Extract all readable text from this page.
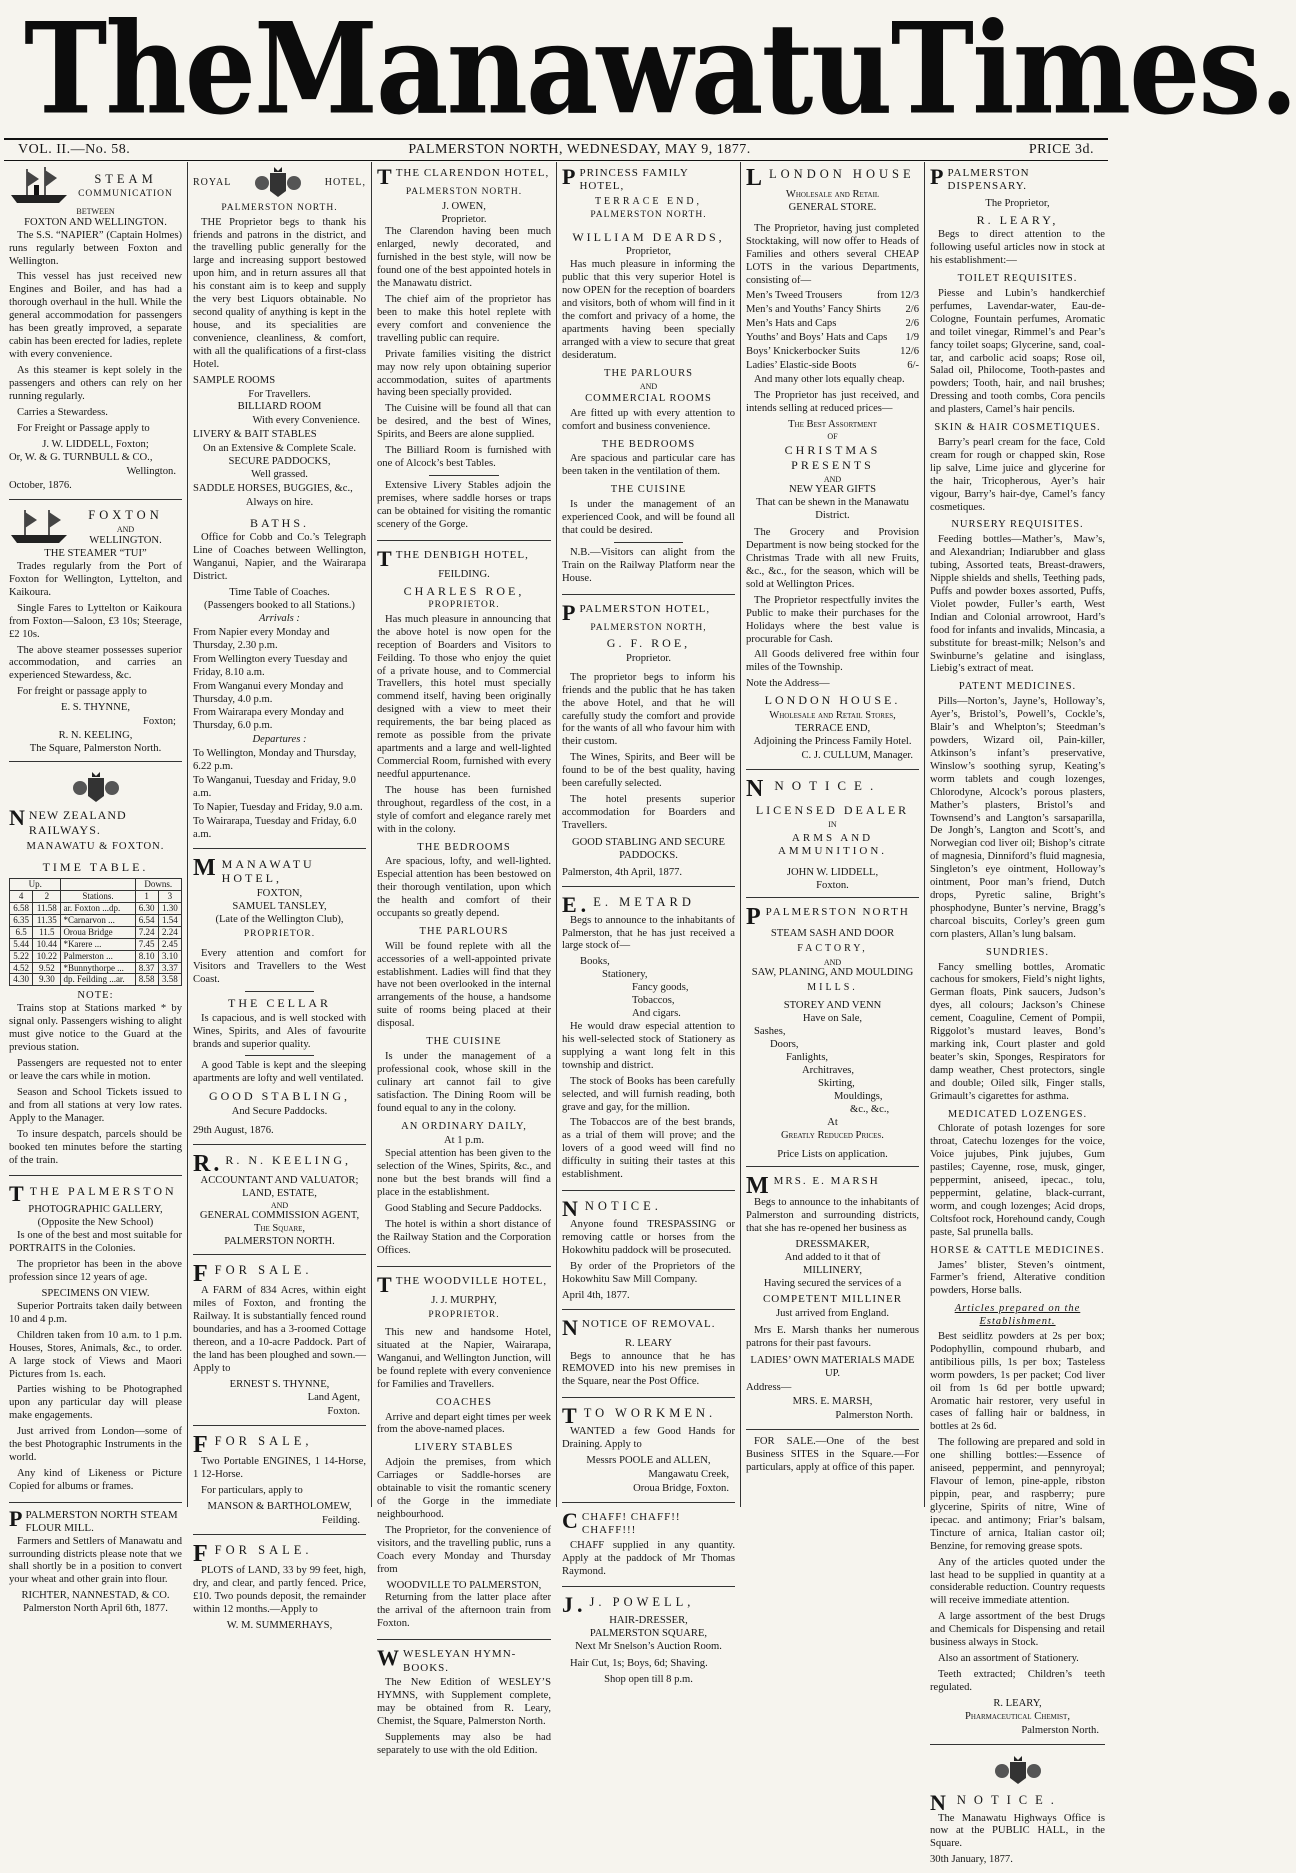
The Manawatu Times.
VOL. II.—No. 58.	PALMERSTON NORTH, WEDNESDAY, MAY 9, 1877.	PRICE 3d.
STEAM
COMMUNICATION
BETWEEN
FOXTON AND WELLINGTON.

The S.S. “NAPIER” (Captain Holmes) runs regularly between Foxton and Wellington.

This vessel has just received new Engines and Boiler, and has had a thorough overhaul in the hull. While the general accommodation for passengers has been greatly improved, a separate cabin has been erected for ladies, replete with every convenience.

As this steamer is kept solely in the passengers and others can rely on her running regularly.

Carries a Stewardess.

For Freight or Passage apply to

J. W. LIDDELL, Foxton;
Or, W. & G. TURNBULL & CO.,
Wellington.
October, 1876.
FOXTON
AND
WELLINGTON.
THE STEAMER “TUI”

Trades regularly from the Port of Foxton for Wellington, Lyttelton, and Kaikoura.

Single Fares to Lyttelton or Kaikoura from Foxton—Saloon, £3 10s; Steerage, £2 10s.

The above steamer possesses superior accommodation, and carries an experienced Stewardess, &c.

For freight or passage apply to

E. S. THYNNE,
Foxton;
R. N. KEELING,
The Square, Palmerston North.
NNEW ZEALAND RAILWAYS.
MANAWATU & FOXTON.
TIME TABLE.
Up.			Downs.	
4	2	Stations.	1	3
6.58	11.58	ar. Foxton ...dp.	6.30	1.30
6.35	11.35	*Carnarvon ...	6.54	1.54
6.5	11.5	Oroua Bridge	7.24	2.24
5.44	10.44	*Karere ...	7.45	2.45
5.22	10.22	Palmerston ...	8.10	3.10
4.52	9.52	*Bunnythorpe ...	8.37	3.37
4.30	9.30	dp. Feilding ...ar.	8.58	3.58
NOTE:

Trains stop at Stations marked * by signal only. Passengers wishing to alight must give notice to the Guard at the previous station.

Passengers are requested not to enter or leave the cars while in motion.

Season and School Tickets issued to and from all stations at very low rates. Apply to the Manager.

To insure despatch, parcels should be booked ten minutes before the starting of the train.

TTHE PALMERSTON
PHOTOGRAPHIC GALLERY,
(Opposite the New School)

Is one of the best and most suitable for PORTRAITS in the Colonies.

The proprietor has been in the above profession since 12 years of age.

SPECIMENS ON VIEW.

Superior Portraits taken daily between 10 and 4 p.m.

Children taken from 10 a.m. to 1 p.m. Houses, Stores, Animals, &c., to order. A large stock of Views and Maori Pictures from 1s. each.

Parties wishing to be Photographed upon any particular day will please make engagements.

Just arrived from London—some of the best Photographic Instruments in the world.

Any kind of Likeness or Picture Copied for albums or frames.

PPALMERSTON NORTH STEAM FLOUR MILL.

Farmers and Settlers of Manawatu and surrounding districts please note that we shall shortly be in a position to convert your wheat and other grain into flour.

RICHTER, NANNESTAD, & CO.
Palmerston North April 6th, 1877.
ROYAL	HOTEL,
PALMERSTON NORTH.

THE Proprietor begs to thank his friends and patrons in the district, and the travelling public generally for the large and increasing support bestowed upon him, and in return assures all that his constant aim is to keep and supply the very best Liquors obtainable. No second quality of anything is kept in the house, and its specialities are convenience, cleanliness, & comfort, with all the qualifications of a first-class Hotel.

SAMPLE ROOMS
For Travellers.
BILLIARD ROOM
With every Convenience.
LIVERY & BAIT STABLES
On an Extensive & Complete Scale.
SECURE PADDOCKS,
Well grassed.
SADDLE HORSES, BUGGIES, &c.,
Always on hire.
BATHS.

Office for Cobb and Co.’s Telegraph Line of Coaches between Wellington, Wanganui, Napier, and the Wairarapa District.

Time Table of Coaches.
(Passengers booked to all Stations.)
Arrivals :
From Napier every Monday and Thursday, 2.30 p.m.
From Wellington every Tuesday and Friday, 8.10 a.m.
From Wanganui every Monday and Thursday, 4.0 p.m.
From Wairarapa every Monday and Thursday, 6.0 p.m.
Departures :
To Wellington, Monday and Thursday, 6.22 p.m.
To Wanganui, Tuesday and Friday, 9.0 a.m.
To Napier, Tuesday and Friday, 9.0 a.m.
To Wairarapa, Tuesday and Friday, 6.0 a.m.
MMANAWATU HOTEL,
FOXTON,
SAMUEL TANSLEY,
(Late of the Wellington Club),
PROPRIETOR.

Every attention and comfort for Visitors and Travellers to the West Coast.

THE CELLAR

Is capacious, and is well stocked with Wines, Spirits, and Ales of favourite brands and superior quality.

A good Table is kept and the sleeping apartments are lofty and well ventilated.

GOOD STABLING,
And Secure Paddocks.
29th August, 1876.
R. R. N. KEELING,
ACCOUNTANT AND VALUATOR;
LAND, ESTATE,
AND
GENERAL COMMISSION AGENT,
The Square,
PALMERSTON NORTH.
FFOR SALE.

A FARM of 834 Acres, within eight miles of Foxton, and fronting the Railway. It is substantially fenced round boundaries, and has a 3-roomed Cottage thereon, and a 10-acre Paddock. Part of the land has been ploughed and sown.—Apply to

ERNEST S. THYNNE,
Land Agent,
Foxton.
FFOR SALE,

Two Portable ENGINES, 1 14-Horse, 1 12-Horse.

For particulars, apply to

MANSON & BARTHOLOMEW,
Feilding.
FFOR SALE.

PLOTS of LAND, 33 by 99 feet, high, dry, and clear, and partly fenced. Price, £10. Two pounds deposit, the remainder within 12 months.—Apply to

W. M. SUMMERHAYS,
TTHE CLARENDON HOTEL,
PALMERSTON NORTH.
J. OWEN,
Proprietor.

The Clarendon having been much enlarged, newly decorated, and furnished in the best style, will now be found one of the best appointed hotels in the Manawatu district.

The chief aim of the proprietor has been to make this hotel replete with every comfort and convenience the travelling public can require.

Private families visiting the district may now rely upon obtaining superior accommodation, suites of apartments having been specially provided.

The Cuisine will be found all that can be desired, and the best of Wines, Spirits, and Beers are alone supplied.

The Billiard Room is furnished with one of Alcock’s best Tables.

Extensive Livery Stables adjoin the premises, where saddle horses or traps can be obtained for visiting the romantic scenery of the Gorge.

TTHE DENBIGH HOTEL,
FEILDING.
CHARLES ROE,
PROPRIETOR.

Has much pleasure in announcing that the above hotel is now open for the reception of Boarders and Visitors to Feilding. To those who enjoy the quiet of a private house, and to Commercial Travellers, this hotel must specially commend itself, having been originally designed with a view to meet their requirements, the bar being placed as remote as possible from the private apartments and a large and well-lighted Commercial Room, furnished with every needful appurtenance.

The house has been furnished throughout, regardless of the cost, in a style of comfort and elegance rarely met with in the colony.

THE BEDROOMS

Are spacious, lofty, and well-lighted. Especial attention has been bestowed on their thorough ventilation, upon which the health and comfort of their occupants so greatly depend.

THE PARLOURS

Will be found replete with all the accessories of a well-appointed private establishment. Ladies will find that they have not been overlooked in the internal arrangements of the house, a handsome suite of rooms being placed at their disposal.

THE CUISINE

Is under the management of a professional cook, whose skill in the culinary art cannot fail to give satisfaction. The Dining Room will be found equal to any in the colony.

AN ORDINARY DAILY,
At 1 p.m.

Special attention has been given to the selection of the Wines, Spirits, &c., and none but the best brands will find a place in the establishment.

Good Stabling and Secure Paddocks.

The hotel is within a short distance of the Railway Station and the Corporation Offices.

TTHE WOODVILLE HOTEL,
J. J. MURPHY,
PROPRIETOR.

This new and handsome Hotel, situated at the Napier, Wairarapa, Wanganui, and Wellington Junction, will be found replete with every convenience for Families and Travellers.

COACHES

Arrive and depart eight times per week from the above-named places.

LIVERY STABLES

Adjoin the premises, from which Carriages or Saddle-horses are obtainable to visit the romantic scenery of the Gorge in the immediate neighbourhood.

The Proprietor, for the convenience of visitors, and the travelling public, runs a Coach every Monday and Thursday from

WOODVILLE TO PALMERSTON,

Returning from the latter place after the arrival of the afternoon train from Foxton.

WWESLEYAN HYMN-BOOKS.

The New Edition of WESLEY’S HYMNS, with Supplement complete, may be obtained from R. Leary, Chemist, the Square, Palmerston North.

Supplements may also be had separately to use with the old Edition.

PPRINCESS FAMILY HOTEL,
TERRACE END,
PALMERSTON NORTH.
WILLIAM DEARDS,
Proprietor,

Has much pleasure in informing the public that this very superior Hotel is now OPEN for the reception of boarders and visitors, both of whom will find in it the comfort and privacy of a home, the apartments having been specially arranged with a view to secure that great desideratum.

THE PARLOURS
AND
COMMERCIAL ROOMS

Are fitted up with every attention to comfort and business convenience.

THE BEDROOMS

Are spacious and particular care has been taken in the ventilation of them.

THE CUISINE

Is under the management of an experienced Cook, and will be found all that could be desired.

N.B.—Visitors can alight from the Train on the Railway Platform near the House.

PPALMERSTON HOTEL,
PALMERSTON NORTH,
G. F. ROE,
Proprietor.

The proprietor begs to inform his friends and the public that he has taken the above Hotel, and that he will carefully study the comfort and provide for the wants of all who favour him with their custom.

The Wines, Spirits, and Beer will be found to be of the best quality, having been carefully selected.

The hotel presents superior accommodation for Boarders and Travellers.

GOOD STABLING AND SECURE
PADDOCKS.
Palmerston, 4th April, 1877.
E. E. METARD

Begs to announce to the inhabitants of Palmerston, that he has just received a large stock of—

Books,
Stationery,
Fancy goods,
Tobaccos,
And cigars.

He would draw especial attention to his well-selected stock of Stationery as supplying a want long felt in this township and district.

The stock of Books has been carefully selected, and will furnish reading, both grave and gay, for the million.

The Tobaccos are of the best brands, as a trial of them will prove; and the lovers of a good weed will find no difficulty in suiting their tastes at this establishment.

NNOTICE.

Anyone found TRESPASSING or removing cattle or horses from the Hokowhitu paddock will be prosecuted.

By order of the Proprietors of the Hokowhitu Saw Mill Company.

April 4th, 1877.
NNOTICE OF REMOVAL.
R. LEARY

Begs to announce that he has REMOVED into his new premises in the Square, near the Post Office.

TTO WORKMEN.

WANTED a few Good Hands for Draining. Apply to

Messrs POOLE and ALLEN,
Mangawatu Creek,
Oroua Bridge, Foxton.
CCHAFF! CHAFF!! CHAFF!!!

CHAFF supplied in any quantity. Apply at the paddock of Mr Thomas Raymond.

J. J. POWELL,
HAIR-DRESSER,
PALMERSTON SQUARE,
Next Mr Snelson’s Auction Room.

Hair Cut, 1s; Boys, 6d; Shaving.

Shop open till 8 p.m.
LLONDON HOUSE
Wholesale and Retail
GENERAL STORE.

The Proprietor, having just completed Stocktaking, will now offer to Heads of Families and others several CHEAP LOTS in the various Departments, consisting of—

Men’s Tweed Trousers	from 12/3
Men’s and Youths’ Fancy Shirts 2/6
Men’s Hats and Caps	2/6
Youths’ and Boys’ Hats and Caps 1/9
Boys’ Knickerbocker Suits	12/6
Ladies’ Elastic-side Boots	6/-

And many other lots equally cheap.

The Proprietor has just received, and intends selling at reduced prices—

The Best Assortment
OF
CHRISTMAS PRESENTS
AND
NEW YEAR GIFTS
That can be shewn in the Manawatu District.

The Grocery and Provision Department is now being stocked for the Christmas Trade with all new Fruits, &c., &c., for the season, which will be sold at Wellington Prices.

The Proprietor respectfully invites the Public to make their purchases for the Holidays where the best value is procurable for Cash.

All Goods delivered free within four miles of the Township.

Note the Address—
LONDON HOUSE.
Wholesale and Retail Stores,
TERRACE END,
Adjoining the Princess Family Hotel.
C. J. CULLUM, Manager.
NNOTICE.
LICENSED DEALER
IN
ARMS AND AMMUNITION.
JOHN W. LIDDELL,
Foxton.
PPALMERSTON NORTH
STEAM SASH AND DOOR
FACTORY,
AND
SAW, PLANING, AND MOULDING
MILLS.
STOREY AND VENN
Have on Sale,
Sashes,
Doors,
Fanlights,
Architraves,
Skirting,
Mouldings,
&c., &c.,
At
Greatly Reduced Prices.
Price Lists on application.
MMRS. E. MARSH

Begs to announce to the inhabitants of Palmerston and surrounding districts, that she has re-opened her business as

DRESSMAKER,
And added to it that of
MILLINERY,
Having secured the services of a
COMPETENT MILLINER
Just arrived from England.

Mrs E. Marsh thanks her numerous patrons for their past favours.

LADIES’ OWN MATERIALS MADE UP.
Address—
MRS. E. MARSH,
Palmerston North.

FOR SALE.—One of the best Business SITES in the Square.—For particulars, apply at office of this paper.

PPALMERSTON DISPENSARY.
The Proprietor,
R. LEARY,

Begs to direct attention to the following useful articles now in stock at his establishment:—

TOILET REQUISITES.

Piesse and Lubin’s handkerchief perfumes, Lavendar-water, Eau-de-Cologne, Fountain perfumes, Aromatic and toilet vinegar, Rimmel’s and Pear’s fancy toilet soaps; Glycerine, sand, coal-tar, and carbolic acid soaps; Rose oil, Salad oil, Philocome, Tooth-pastes and powders; Tooth, hair, and nail brushes; Dressing and tooth combs, Cora pencils and plasters, Camel’s hair pencils.

SKIN & HAIR COSMETIQUES.

Barry’s pearl cream for the face, Cold cream for rough or chapped skin, Rose lip salve, Lime juice and glycerine for the hair, Tricopherous, Ayer’s hair vigour, Barry’s hair-dye, Camel’s fancy cosmetiques.

NURSERY REQUISITES.

Feeding bottles—Mather’s, Maw’s, and Alexandrian; Indiarubber and glass tubing, Assorted teats, Breast-drawers, Nipple shields and shells, Teething pads, Puffs and powder boxes assorted, Puffs, Violet powder, Fuller’s earth, West Indian and Colonial arrowroot, Hard’s food for infants and invalids, Mincasia, a substitute for breast-milk; Nelson’s and Swinburne’s gelatine and isinglass, Liebig’s extract of meat.

PATENT MEDICINES.

Pills—Norton’s, Jayne’s, Holloway’s, Ayer’s, Bristol’s, Powell’s, Cockle’s, Blair’s and Whelpton’s; Steedman’s powders, Wizard oil, Pain-killer, Atkinson’s infant’s preservative, Winslow’s soothing syrup, Keating’s worm tablets and cough lozenges, Chlorodyne, Alcock’s porous plasters, Mather’s plasters, Bristol’s and Townsend’s and Langton’s sarsaparilla, De Jongh’s, Langton and Scott’s, and Norwegian cod liver oil; Bishop’s citrate of magnesia, Dinniford’s fluid magnesia, Singleton’s eye ointment, Holloway’s ointment, Poor man’s friend, Dutch drops, Pyretic saline, Bright’s phosphodyne, Bunter’s nervine, Bragg’s charcoal biscuits, Corley’s green gum corn plasters, Allan’s lung balsam.

SUNDRIES.

Fancy smelling bottles, Aromatic cachous for smokers, Field’s night lights, German floats, Pink saucers, Judson’s dyes, all colours; Jackson’s Chinese cement, Coaguline, Cement of Pompii, Riggolot’s mustard leaves, Bond’s marking ink, Court plaster and gold beater’s skin, Sponges, Respirators for damp weather, Chest protectors, single and double; Oiled silk, Finger stalls, Grimault’s cigarettes for asthma.

MEDICATED LOZENGES.

Chlorate of potash lozenges for sore throat, Catechu lozenges for the voice, Voice jujubes, Pink jujubes, Gum pastiles; Cayenne, rose, musk, ginger, peppermint, aniseed, ipecac., tolu, peppermint, gelatine, black-currant, worm, and cough lozenges; Acid drops, Coltsfoot rock, Horehound candy, Cough paste, Sal prunella balls.

HORSE & CATTLE MEDICINES.

James’ blister, Steven’s ointment, Farmer’s friend, Alterative condition powders, Horse balls.

Articles prepared on the Establishment.

Best seidlitz powders at 2s per box; Podophyllin, compound rhubarb, and antibilious pills, 1s per box; Tasteless worm powders, 1s per packet; Cod liver oil from 1s 6d per bottle upward; Aromatic hair restorer, very useful in cases of falling hair or baldness, in bottles at 2s 6d.

The following are prepared and sold in one shilling bottles:—Essence of aniseed, peppermint, and pennyroyal; Flavour of lemon, pine-apple, ribston pippin, pear, and raspberry; pure glycerine, Spirits of nitre, Wine of ipecac. and antimony; Friar’s balsam, Tincture of arnica, Italian castor oil; Benzine, for removing grease spots.

Any of the articles quoted under the last head to be supplied in quantity at a considerable reduction. Country requests will receive immediate attention.

A large assortment of the best Drugs and Chemicals for Dispensing and retail business always in Stock.

Also an assortment of Stationery.

Teeth extracted; Children’s teeth regulated.

R. LEARY,
Pharmaceutical Chemist,
Palmerston North.
NNOTICE.

The Manawatu Highways Office is now at the PUBLIC HALL, in the Square.

30th January, 1877.
